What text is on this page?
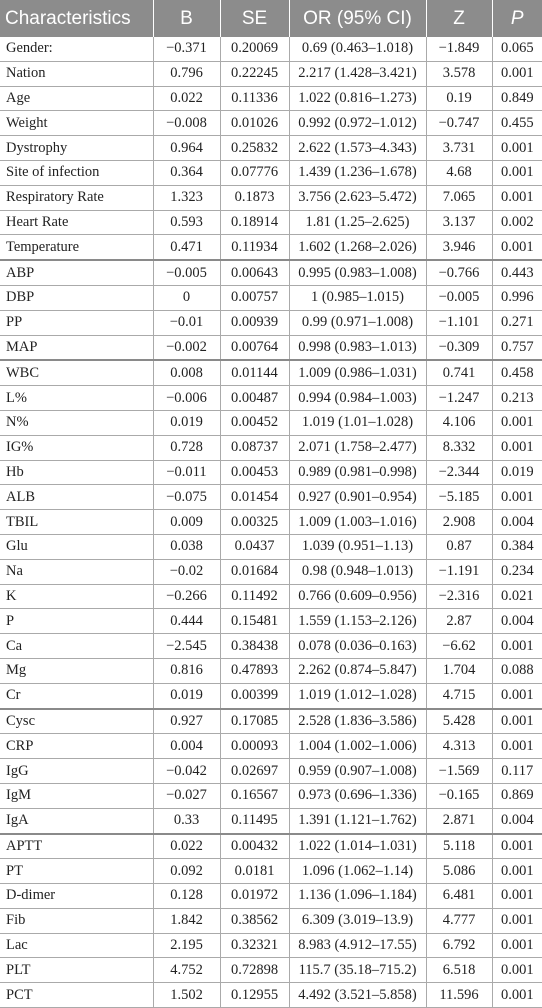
Characteristics	B	SE	OR (95% CI)	Z	P
Gender:	−0.371	0.20069	0.69 (0.463–1.018)	−1.849	0.065
Nation	0.796	0.22245	2.217 (1.428–3.421)	3.578	0.001
Age	0.022	0.11336	1.022 (0.816–1.273)	0.19	0.849
Weight	−0.008	0.01026	0.992 (0.972–1.012)	−0.747	0.455
Dystrophy	0.964	0.25832	2.622 (1.573–4.343)	3.731	0.001
Site of infection	0.364	0.07776	1.439 (1.236–1.678)	4.68	0.001
Respiratory Rate	1.323	0.1873	3.756 (2.623–5.472)	7.065	0.001
Heart Rate	0.593	0.18914	1.81 (1.25–2.625)	3.137	0.002
Temperature	0.471	0.11934	1.602 (1.268–2.026)	3.946	0.001
ABP	−0.005	0.00643	0.995 (0.983–1.008)	−0.766	0.443
DBP	0	0.00757	1 (0.985–1.015)	−0.005	0.996
PP	−0.01	0.00939	0.99 (0.971–1.008)	−1.101	0.271
MAP	−0.002	0.00764	0.998 (0.983–1.013)	−0.309	0.757
WBC	0.008	0.01144	1.009 (0.986–1.031)	0.741	0.458
L%	−0.006	0.00487	0.994 (0.984–1.003)	−1.247	0.213
N%	0.019	0.00452	1.019 (1.01–1.028)	4.106	0.001
IG%	0.728	0.08737	2.071 (1.758–2.477)	8.332	0.001
Hb	−0.011	0.00453	0.989 (0.981–0.998)	−2.344	0.019
ALB	−0.075	0.01454	0.927 (0.901–0.954)	−5.185	0.001
TBIL	0.009	0.00325	1.009 (1.003–1.016)	2.908	0.004
Glu	0.038	0.0437	1.039 (0.951–1.13)	0.87	0.384
Na	−0.02	0.01684	0.98 (0.948–1.013)	−1.191	0.234
K	−0.266	0.11492	0.766 (0.609–0.956)	−2.316	0.021
P	0.444	0.15481	1.559 (1.153–2.126)	2.87	0.004
Ca	−2.545	0.38438	0.078 (0.036–0.163)	−6.62	0.001
Mg	0.816	0.47893	2.262 (0.874–5.847)	1.704	0.088
Cr	0.019	0.00399	1.019 (1.012–1.028)	4.715	0.001
Cysc	0.927	0.17085	2.528 (1.836–3.586)	5.428	0.001
CRP	0.004	0.00093	1.004 (1.002–1.006)	4.313	0.001
IgG	−0.042	0.02697	0.959 (0.907–1.008)	−1.569	0.117
IgM	−0.027	0.16567	0.973 (0.696–1.336)	−0.165	0.869
IgA	0.33	0.11495	1.391 (1.121–1.762)	2.871	0.004
APTT	0.022	0.00432	1.022 (1.014–1.031)	5.118	0.001
PT	0.092	0.0181	1.096 (1.062–1.14)	5.086	0.001
D-dimer	0.128	0.01972	1.136 (1.096–1.184)	6.481	0.001
Fib	1.842	0.38562	6.309 (3.019–13.9)	4.777	0.001
Lac	2.195	0.32321	8.983 (4.912–17.55)	6.792	0.001
PLT	4.752	0.72898	115.7 (35.18–715.2)	6.518	0.001
PCT	1.502	0.12955	4.492 (3.521–5.858)	11.596	0.001
